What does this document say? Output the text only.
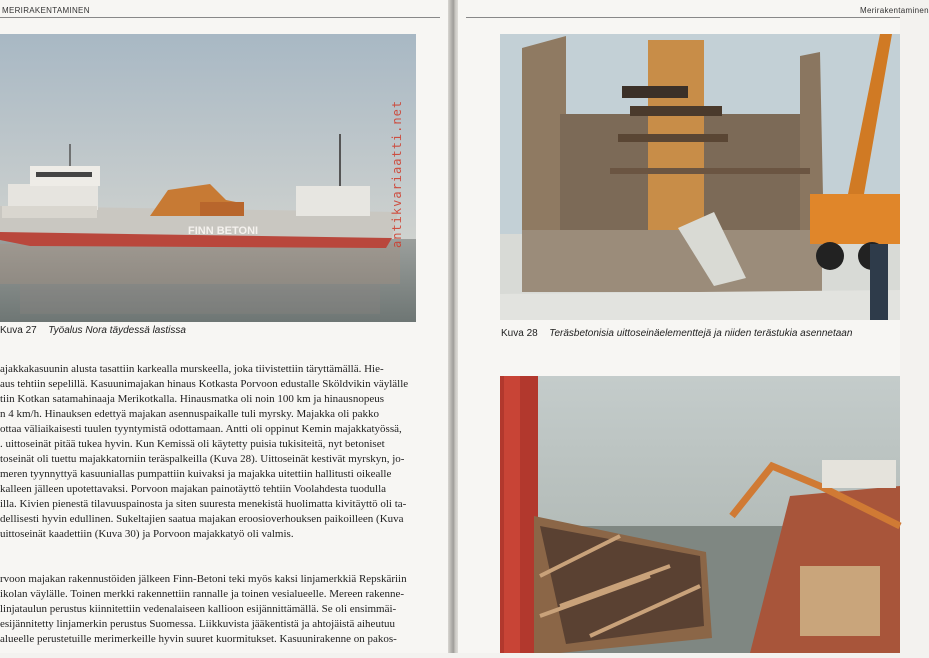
MERIRAKENTAMINEN
FINN BETONI
Kuva 27 Työalus Nora täydessä lastissa
ajakkakasuunin alusta tasattiin karkealla murskeella, joka tiivistettiin täryttämällä. Hie-
aus tehtiin sepelillä. Kasuunimajakan hinaus Kotkasta Porvoon edustalle Sköldvikin väylälle
tiin Kotkan satamahinaaja Merikotkalla. Hinausmatka oli noin 100 km ja hinausnopeus
n 4 km/h. Hinauksen edettyä majakan asennuspaikalle tuli myrsky. Majakka oli pakko
ottaa väliaikaisesti tuulen tyyntymistä odottamaan. Antti oli oppinut Kemin majakkatyössä,
. uittoseinät pitää tukea hyvin. Kun Kemissä oli käytetty puisia tukisiteitä, nyt betoniset
toseinät oli tuettu majakkatorniin teräspalkeilla (Kuva 28). Uittoseinät kestivät myrskyn, jo-
meren tyynnyttyä kasuuniallas pumpattiin kuivaksi ja majakka uitettiin hallitusti oikealle
kalleen jälleen upotettavaksi. Porvoon majakan painotäyttö tehtiin Voolahdesta tuodulla
illa. Kivien pienestä tilavuuspainosta ja siten suuresta menekistä huolimatta kivitäyttö oli ta-
dellisesti hyvin edullinen. Sukeltajien saatua majakan eroosioverhouksen paikoilleen (Kuva
uittoseinät kaadettiin (Kuva 30) ja Porvoon majakkatyö oli valmis.
rvoon majakan rakennustöiden jälkeen Finn-Betoni teki myös kaksi linjamerkkiä Repskäriin
ikolan väylälle. Toinen merkki rakennettiin rannalle ja toinen vesialueelle. Mereen rakenne-
linjataulun perustus kiinnitettiin vedenalaiseen kallioon esijännittämällä. Se oli ensimmäi-
esijännitetty linjamerkin perustus Suomessa. Liikkuvista jääkentistä ja ahtojäistä aiheutuu
alueelle perustetuille merimerkeille hyvin suuret kuormitukset. Kasuunirakenne on pakos-
antikvariaatti.net
Merirakentaminen
Kuva 28 Teräsbetonisia uittoseinäelementtejä ja niiden terästukia asennetaan
